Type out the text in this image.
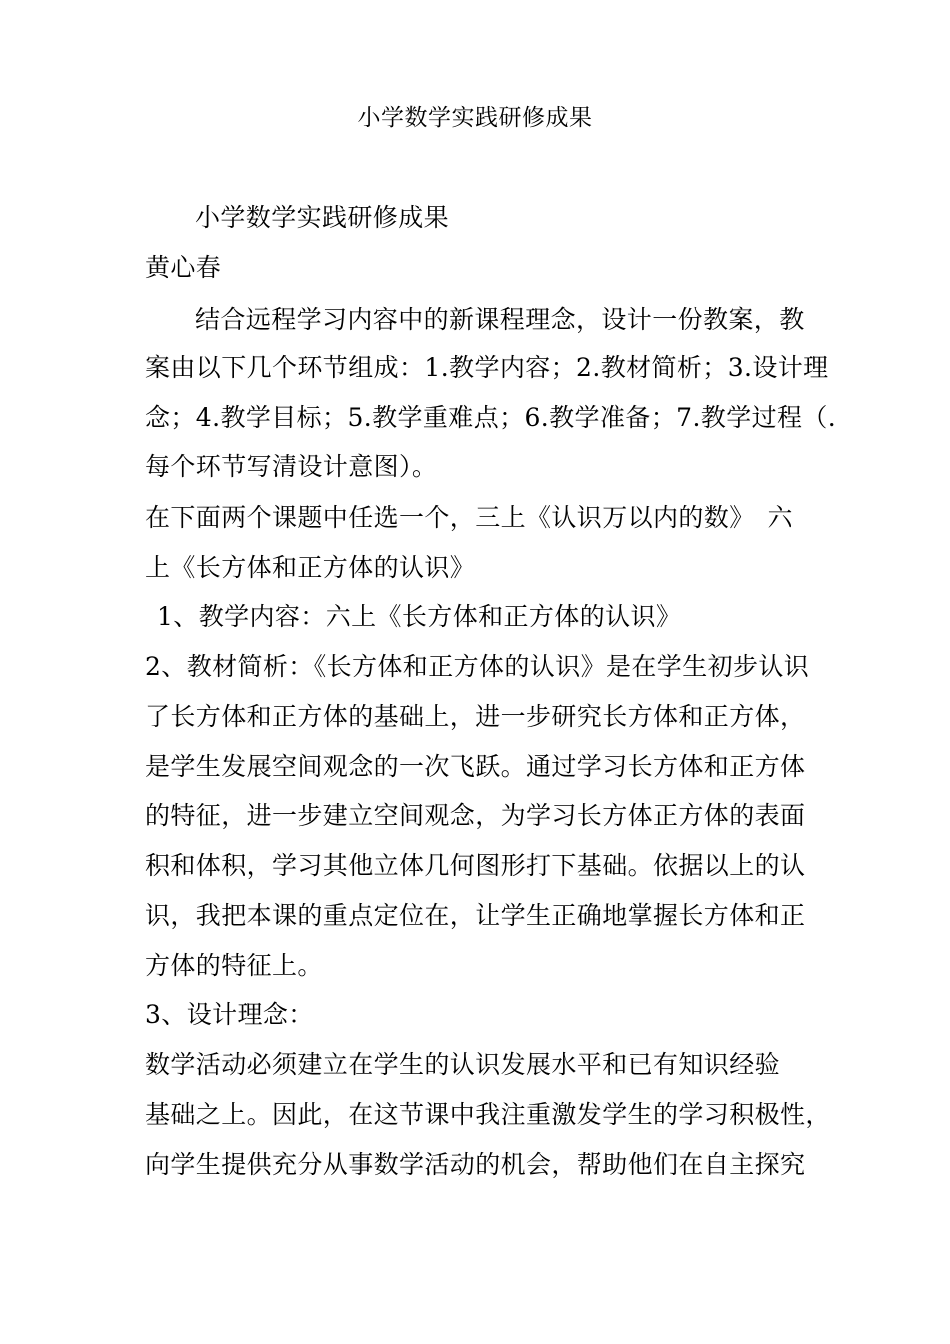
小学数学实践研修成果
小学数学实践研修成果
黄心春
结合远程学习内容中的新课程理念，设计一份教案，教
案由以下几个环节组成：1.教学内容；2.教材简析；3.设计理
念；4.教学目标；5.教学重难点；6.教学准备；7.教学过程（.
每个环节写清设计意图）。
在下面两个课题中任选一个，三上《认识万以内的数》　六
上《长方体和正方体的认识》
1、教学内容：六上《长方体和正方体的认识》
2、教材简析：《长方体和正方体的认识》是在学生初步认识
了长方体和正方体的基础上，进一步研究长方体和正方体，
是学生发展空间观念的一次飞跃。通过学习长方体和正方体
的特征，进一步建立空间观念，为学习长方体正方体的表面
积和体积，学习其他立体几何图形打下基础。依据以上的认
识，我把本课的重点定位在，让学生正确地掌握长方体和正
方体的特征上。
3、设计理念：
数学活动必须建立在学生的认识发展水平和已有知识经验
基础之上。因此，在这节课中我注重激发学生的学习积极性，
向学生提供充分从事数学活动的机会，帮助他们在自主探究
